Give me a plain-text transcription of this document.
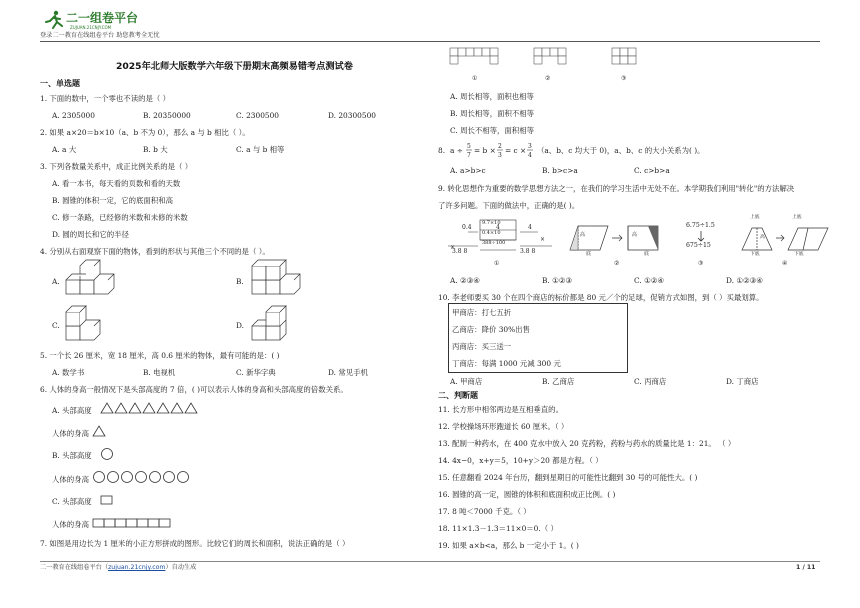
二一组卷平台
ZUJUAN.21CNJY.COM
登录二一教育在线组卷平台 助您教考全无忧
2025年北师大版数学六年级下册期末高频易错考点测试卷
一、单选题
1. 下面的数中，一个零也不读的是（ ）
A. 2305000	B. 20350000	C. 2300500	D. 20300500
2. 如果 a×20＝b×10（a、b 不为 0），那么 a 与 b 相比（ ）。
A. a 大	B. b 大	C. a 与 b 相等
3. 下列各数量关系中，成正比例关系的是（ ）
A. 看一本书，每天看的页数和看的天数
B. 圆锥的体积一定，它的底面积和高
C. 修一条路，已经修的米数和未修的米数
D. 圆的周长和它的半径
4. 分别从右面观察下面的物体，看到的形状与其他三个不同的是（ ）。
A.	B.
C.	D.
5. 一个长 26 厘米，宽 18 厘米，高 0.6 厘米的物体，最有可能的是：( )
A. 数学书	B. 电视机	C. 新华字典	D. 常见手机
6. 人体的身高一般情况下是头部高度的 7 倍，( )可以表示人体的身高和头部高度的倍数关系。
A. 头部高度
人体的身高
B. 头部高度
人体的身高
C. 头部高度
人体的身高
7. 如图是用边长为 1 厘米的小正方形拼成的图形。比较它们的周长和面积，说法正确的是（ ）
①	②	③
A. 周长相等，面积也相等
B. 周长相等，面积不相等
C. 周长不相等，面积相等
8. a ÷ 5
7
= b × 2
3
= c × 3
4
（a、b、c 均大于 0)，a、b、c 的大小关系为( )。
A. a>b>c	B. b>c>a	C. c>b>a
9. 转化思想作为重要的数学思想方法之一，在我们的学习生活中无处不在。本学期我们利用"转化"的方法解决
了许多问题。下面的做法中，正确的是( )。
0.4	4	4
×
3.8 8	3.8 8
×
9.7×10
0.4×10
388÷100
①
高
底
高
底
②
6.75÷1.5
675÷15
③
上底	上底
高
下底	下底
④
A. ②③④	B. ①②③	C. ①②④	D. ①②③④
10. 李老师要买 30 个在四个商店的标价都是 80 元／个的足球，促销方式如图，到（ ）买最划算。
甲商店：打七五折
乙商店：降价 30%出售
丙商店：买三送一
丁商店：每满 1000 元减 300 元
A. 甲商店	B. 乙商店	C. 丙商店	D. 丁商店
二、判断题
11. 长方形中相邻两边是互相垂直的。
12. 学校操场环形跑道长 60 厘米。（ ）
13. 配制一种药水，在 400 克水中放入 20 克药粉，药粉与药水的质量比是 1：21。 （ ）
14. 4x−0，x+y＝5，10+y＞20 都是方程。（ ）
15. 任意翻看 2024 年台历，翻到星期日的可能性比翻到 30 号的可能性大。( )
16. 圆锥的高一定，圆锥的体积和底面积成正比例。( )
17. 8 吨＜7000 千克。（ ）
18. 11×1.3－1.3＝11×0＝0.（ ）
19. 如果 a×b<a，那么 b 一定小于 1。( )
二一教育在线组卷平台（zujuan.21cnjy.com）自动生成	1 / 11
